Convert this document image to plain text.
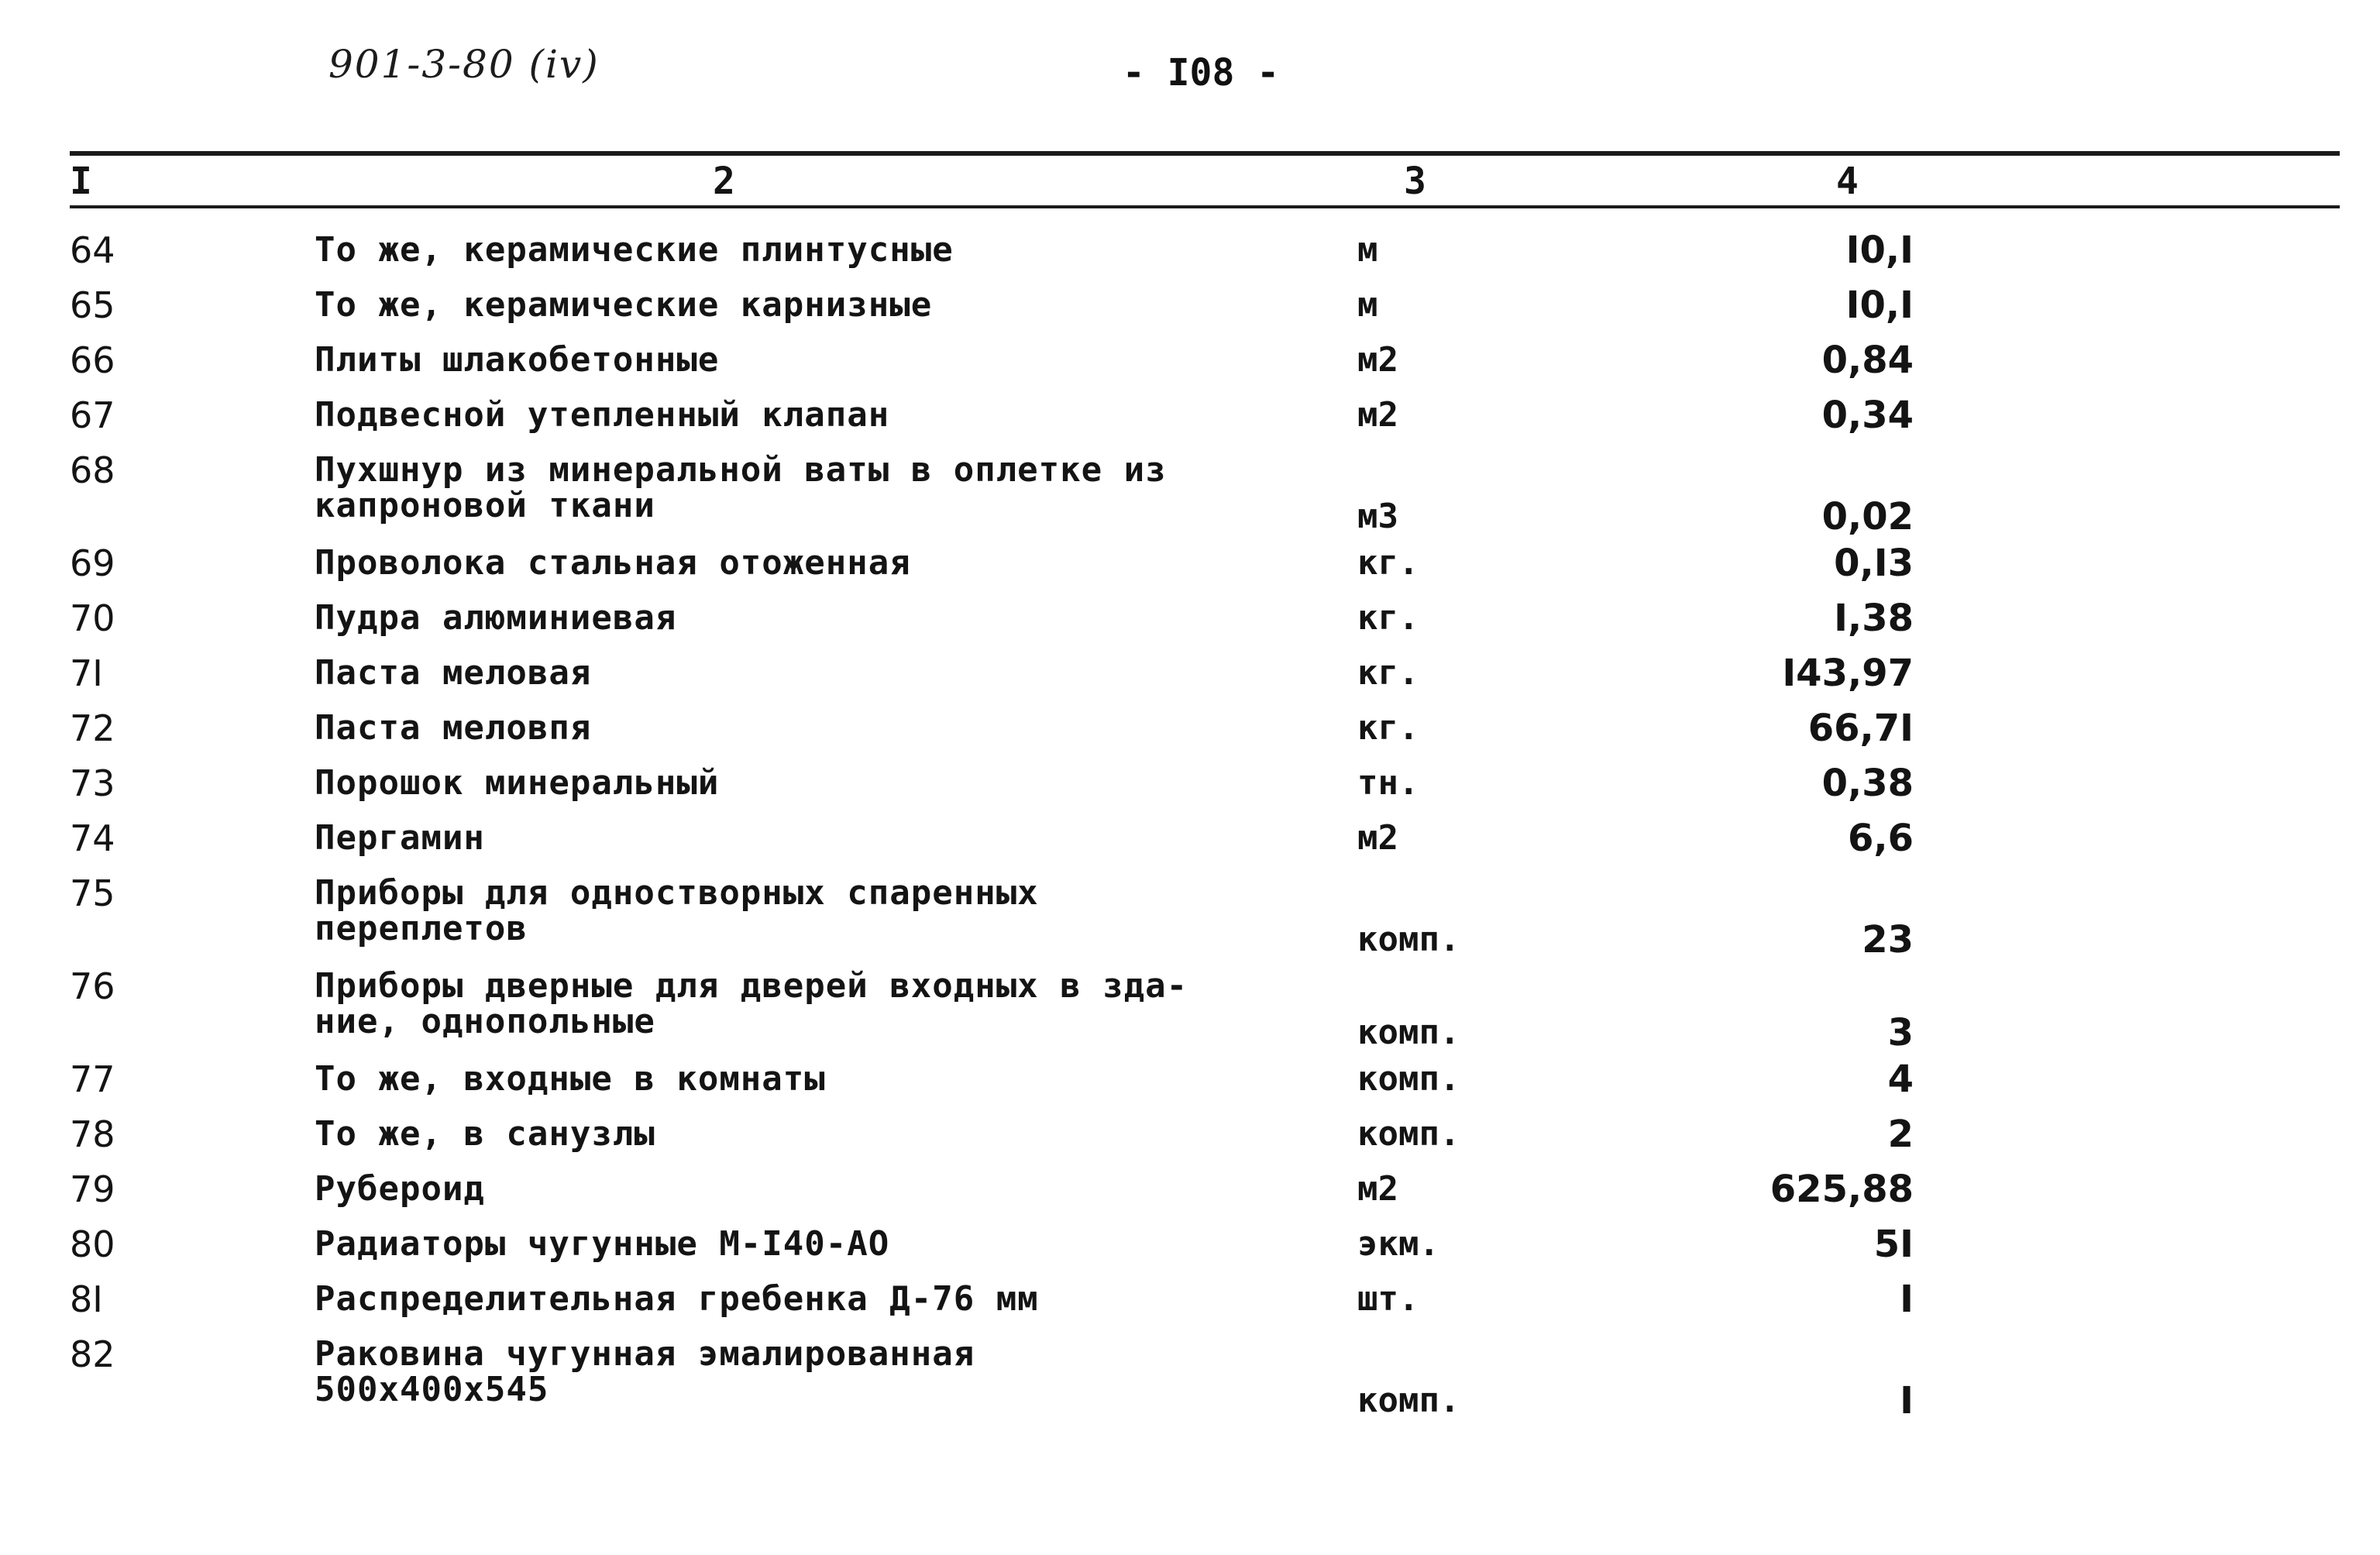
901-3-80 (iv)	- I08 -
I	2	3	4
64	То же, керамические плинтусные	м	I0,I
65	То же, керамические карнизные	м	I0,I
66	Плиты шлакобетонные	м2	0,84
67	Подвесной утепленный клапан	м2	0,34
68	Пухшнур из минеральной ваты в оплетке из
капроновой ткани	м3	0,02
69	Проволока стальная отоженная	кг.	0,I3
70	Пудра алюминиевая	кг.	I,38
7I	Паста меловая	кг.	I43,97
72	Паста меловпя	кг.	66,7I
73	Порошок минеральный	тн.	0,38
74	Пергамин	м2	6,6
75	Приборы для одностворных спаренных
переплетов	комп.	23
76	Приборы дверные для дверей входных в зда-
ние, однопольные	комп.	3
77	То же, входные в комнаты	комп.	4
78	То же, в санузлы	комп.	2
79	Рубероид	м2	625,88
80	Радиаторы чугунные М-I40-АО	экм.	5I
8I	Распределительная гребенка Д-76 мм	шт.	I
82	Раковина чугунная эмалированная
500х400х545	комп.	I
